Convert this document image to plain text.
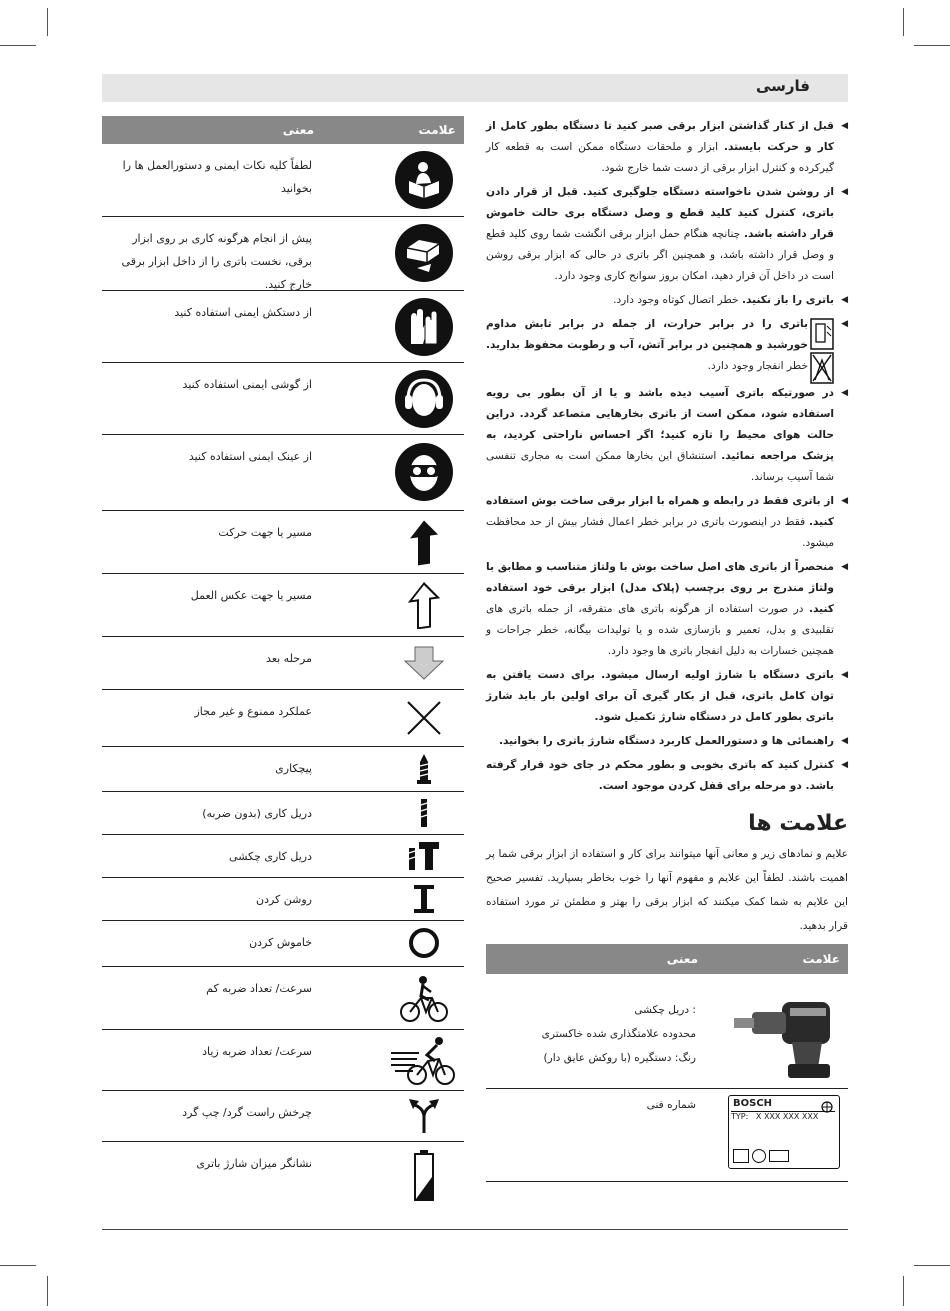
فارسی
علامت
معنی
لطفاً کلیه نکات ایمنی و دستورالعمل ها را بخوانید
پیش از انجام هرگونه کاری بر روی ابزار برقی، نخست باتری را از داخل ابزار برقی خارج کنید.
از دستکش ایمنی استفاده کنید
از گوشی ایمنی استفاده کنید
از عینک ایمنی استفاده کنید
مسیر یا جهت حرکت
مسیر یا جهت عکس العمل
مرحله بعد
عملکرد ممنوع و غیر مجاز
پیچکاری
دریل کاری (بدون ضربه)
دریل کاری چکشی
روشن کردن
خاموش کردن
سرعت/ تعداد ضربه کم
سرعت/ تعداد ضربه زیاد
چرخش راست گرد/ چپ گرد
نشانگر میزان شارژ باتری
◀ قبل از کنار گذاشتن ابزار برقی صبر کنید تا دستگاه بطور کامل از کار و حرکت بایستد. ابزار و ملحقات دستگاه ممکن است به قطعه کار گیرکرده و کنترل ابزار برقی از دست شما خارج شود.
◀ از روشن شدن ناخواسته دستگاه جلوگیری کنید. قبل از قرار دادن باتری، کنترل کنید کلید قطع و وصل دستگاه بری حالت خاموش قرار داشته باشد. چنانچه هنگام حمل ابزار برقی انگشت شما روی کلید قطع و وصل قرار داشته باشد، و همچنین اگر باتری در حالی که ابزار برقی روشن است در داخل آن قرار دهید، امکان بروز سوانح کاری وجود دارد.
◀ باتری را باز نکنید. خطر اتصال کوتاه وجود دارد.
◀ باتری را در برابر حرارت، از جمله در برابر تابش مداوم خورشید و همچنین در برابر آتش، آب و رطوبت محفوظ بدارید. خطر انفجار وجود دارد.
◀ در صورتیکه باتری آسیب دیده باشد و یا از آن بطور بی رویه استفاده شود، ممکن است از باتری بخارهایی متصاعد گردد. دراین حالت هوای محیط را تازه کنید؛ اگر احساس ناراحتی کردید، به پزشک مراجعه نمائید. استنشاق این بخارها ممکن است به مجاری تنفسی شما آسیب برساند.
◀ از باتری فقط در رابطه و همراه با ابزار برقی ساخت بوش استفاده کنید. فقط در اینصورت باتری در برابر خطر اعمال فشار بیش از حد محافظت میشود.
◀ منحصراً از باتری های اصل ساخت بوش با ولتاژ متناسب و مطابق با ولتاژ مندرج بر روی برچسب (پلاک مدل) ابزار برقی خود استفاده کنید. در صورت استفاده از هرگونه باتری های متفرقه، از جمله باتری های تقلبیدی و بدل، تعمیر و بازسازی شده و یا تولیدات بیگانه، خطر جراحات و همچنین خسارات به دلیل انفجار باتری ها وجود دارد.
◀ باتری دستگاه با شارژ اولیه ارسال میشود. برای دست یافتن به توان کامل باتری، قبل از بکار گیری آن برای اولین بار باید شارژ باتری بطور کامل در دستگاه شارژ تکمیل شود.
◀ راهنمائی ها و دستورالعمل کاربرد دستگاه شارژ باتری را بخوانید.
◀ کنترل کنید که باتری بخوبی و بطور محکم در جای خود قرار گرفته باشد. دو مرحله برای قفل کردن موجود است.
علامت ها
علایم و نمادهای زیر و معانی آنها میتوانند برای کار و استفاده از ابزار برقی شما پر اهمیت باشند. لطفاً این علایم و مفهوم آنها را خوب بخاطر بسپارید. تفسیر صحیح این علایم به شما کمک میکنند که ابزار برقی را بهتر و مطمئن تر مورد استفاده قرار بدهید.
علامت
معنی
: دریل چکشی
محدوده علامتگذاری شده خاکستری
رنگ: دستگیره (با روکش عایق دار)
شماره فنی	BOSCH
TYP:   X XXX XXX XXX
